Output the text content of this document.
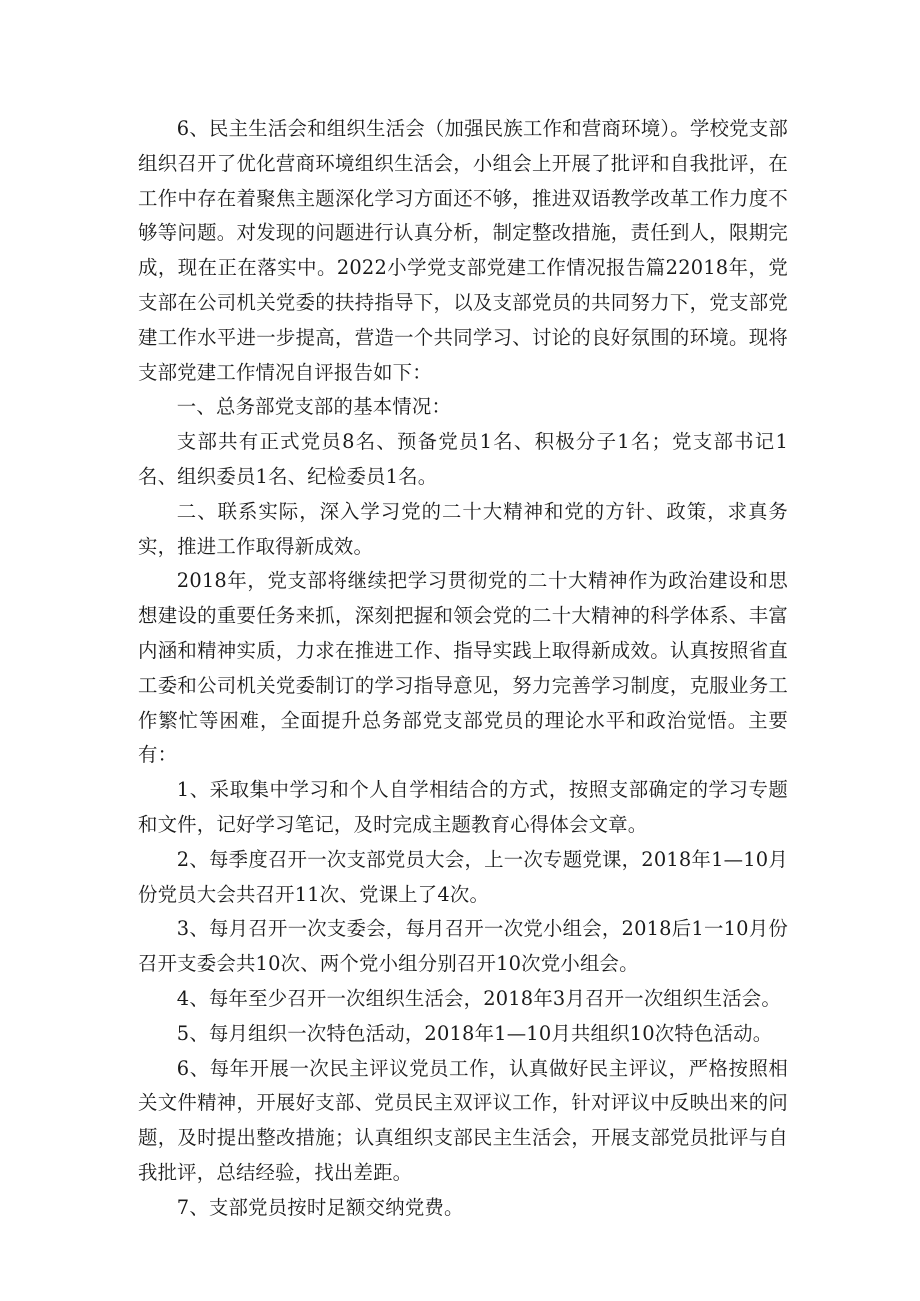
6、民主生活会和组织生活会（加强民族工作和营商环境）。学校党支部组织召开了优化营商环境组织生活会，小组会上开展了批评和自我批评，在工作中存在着聚焦主题深化学习方面还不够，推进双语教学改革工作力度不够等问题。对发现的问题进行认真分析，制定整改措施，责任到人，限期完成，现在正在落实中。2022小学党支部党建工作情况报告篇22018年，党支部在公司机关党委的扶持指导下，以及支部党员的共同努力下，党支部党建工作水平进一步提高，营造一个共同学习、讨论的良好氛围的环境。现将支部党建工作情况自评报告如下：

一、总务部党支部的基本情况：

支部共有正式党员8名、预备党员1名、积极分子1名；党支部书记1名、组织委员1名、纪检委员1名。

二、联系实际，深入学习党的二十大精神和党的方针、政策，求真务实，推进工作取得新成效。

2018年，党支部将继续把学习贯彻党的二十大精神作为政治建设和思想建设的重要任务来抓，深刻把握和领会党的二十大精神的科学体系、丰富内涵和精神实质，力求在推进工作、指导实践上取得新成效。认真按照省直工委和公司机关党委制订的学习指导意见，努力完善学习制度，克服业务工作繁忙等困难，全面提升总务部党支部党员的理论水平和政治觉悟。主要有：

1、采取集中学习和个人自学相结合的方式，按照支部确定的学习专题和文件，记好学习笔记，及时完成主题教育心得体会文章。

2、每季度召开一次支部党员大会，上一次专题党课，2018年1—10月份党员大会共召开11次、党课上了4次。

3、每月召开一次支委会，每月召开一次党小组会，2018后1一10月份召开支委会共10次、两个党小组分别召开10次党小组会。

4、每年至少召开一次组织生活会，2018年3月召开一次组织生活会。

5、每月组织一次特色活动，2018年1—10月共组织10次特色活动。

6、每年开展一次民主评议党员工作，认真做好民主评议，严格按照相关文件精神，开展好支部、党员民主双评议工作，针对评议中反映出来的问题，及时提出整改措施；认真组织支部民主生活会，开展支部党员批评与自我批评，总结经验，找出差距。

7、支部党员按时足额交纳党费。
